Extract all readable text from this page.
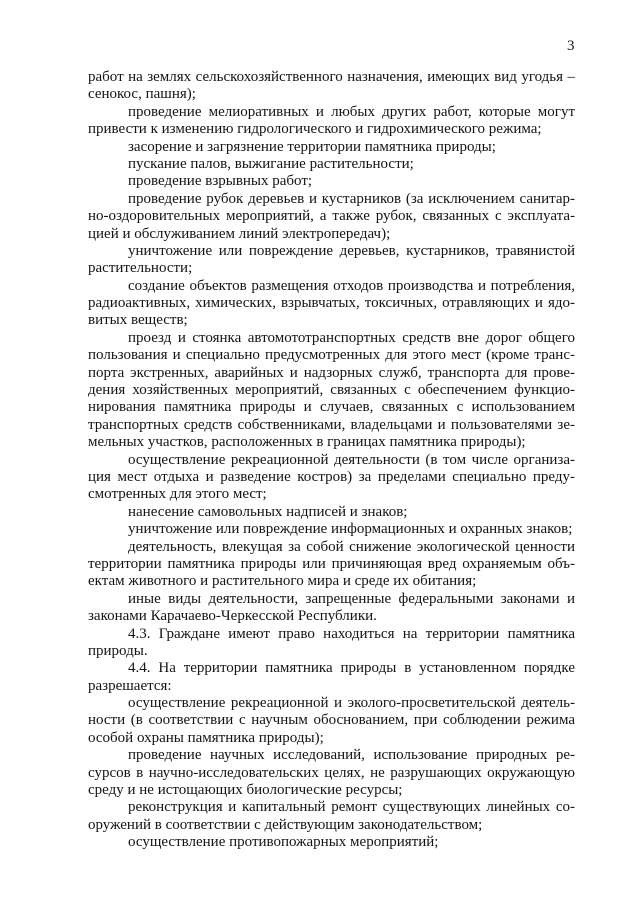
3
работ на землях сельскохозяйственного назначения, имеющих вид угодья –
сенокос, пашня);
проведение мелиоративных и любых других работ, которые могут
привести к изменению гидрологического и гидрохимического режима;
засорение и загрязнение территории памятника природы;
пускание палов, выжигание растительности;
проведение взрывных работ;
проведение рубок деревьев и кустарников (за исключением санитар-
но-оздоровительных мероприятий, а также рубок, связанных с эксплуата-
цией и обслуживанием линий электропередач);
уничтожение или повреждение деревьев, кустарников, травянистой
растительности;
создание объектов размещения отходов производства и потребления,
радиоактивных, химических, взрывчатых, токсичных, отравляющих и ядо-
витых веществ;
проезд и стоянка автомототранспортных средств вне дорог общего
пользования и специально предусмотренных для этого мест (кроме транс-
порта экстренных, аварийных и надзорных служб, транспорта для прове-
дения хозяйственных мероприятий, связанных с обеспечением функцио-
нирования памятника природы и случаев, связанных с использованием
транспортных средств собственниками, владельцами и пользователями зе-
мельных участков, расположенных в границах памятника природы);
осуществление рекреационной деятельности (в том числе организа-
ция мест отдыха и разведение костров) за пределами специально преду-
смотренных для этого мест;
нанесение самовольных надписей и знаков;
уничтожение или повреждение информационных и охранных знаков;
деятельность, влекущая за собой снижение экологической ценности
территории памятника природы или причиняющая вред охраняемым объ-
ектам животного и растительного мира и среде их обитания;
иные виды деятельности, запрещенные федеральными законами и
законами Карачаево-Черкесской Республики.
4.3. Граждане имеют право находиться на территории памятника
природы.
4.4. На территории памятника природы в установленном порядке
разрешается:
осуществление рекреационной и эколого-просветительской деятель-
ности (в соответствии с научным обоснованием, при соблюдении режима
особой охраны памятника природы);
проведение научных исследований, использование природных ре-
сурсов в научно-исследовательских целях, не разрушающих окружающую
среду и не истощающих биологические ресурсы;
реконструкция и капитальный ремонт существующих линейных со-
оружений в соответствии с действующим законодательством;
осуществление противопожарных мероприятий;
